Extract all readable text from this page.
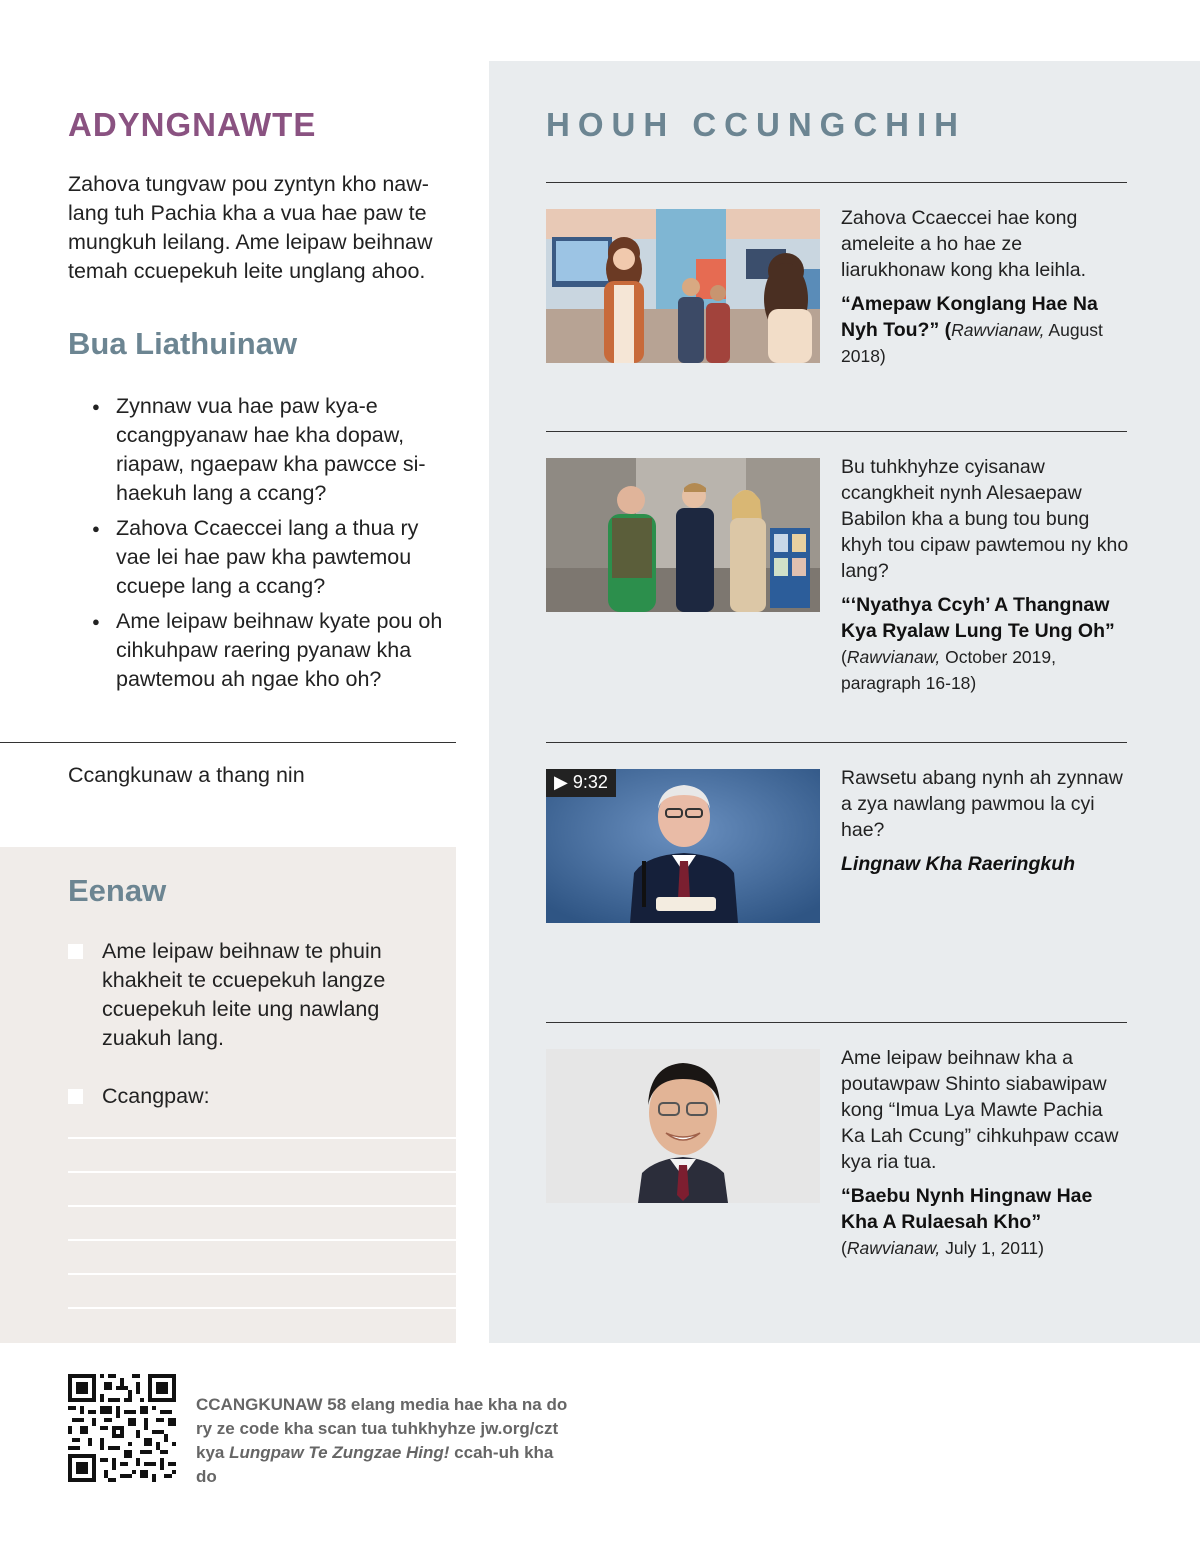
ADYNGNAWTE

Zahova tungvaw pou zyntyn kho naw-lang tuh Pachia kha a vua hae paw te mungkuh leilang. Ame leipaw beihnaw temah ccuepekuh leite unglang ahoo.

Bua Liathuinaw
● Zynnaw vua hae paw kya-e ccangpyanaw hae kha dopaw, riapaw, ngaepaw kha pawcce si-haekuh lang a ccang?
● Zahova Ccaeccei lang a thua ry vae lei hae paw kha pawtemou ccuepe lang a ccang?
● Ame leipaw beihnaw kyate pou oh cihkuhpaw raering pyanaw kha pawtemou ah ngae kho oh?

Ccangkunaw a thang nin

Eenaw
Ame leipaw beihnaw te phuin khakheit te ccuepekuh langze ccuepekuh leite ung nawlang zuakuh lang.
Ccangpaw:
HOUH CCUNGCHIH

Zahova Ccaeccei hae kong ameleite a ho hae ze liarukhonaw kong kha leihla.

“Amepaw Konglang Hae Na Nyh Tou?” (Rawvianaw, August 2018)

Bu tuhkhyhze cyisanaw ccangkheit nynh Alesaepaw Babilon kha a bung tou bung khyh tou cipaw pawtemou ny kho lang?

“‘Nyathya Ccyh’ A Thangnaw Kya Ryalaw Lung Te Ung Oh”

(Rawvianaw, October 2019, paragraph 16-18)

▶ 9:32	Rawsetu abang nynh ah zynnaw a zya nawlang pawmou la cyi hae?

Lingnaw Kha Raeringkuh

Ame leipaw beihnaw kha a poutawpaw Shinto siabawipaw kong “Imua Lya Mawte Pachia Ka Lah Ccung” cihkuhpaw ccaw kya ria tua.

“Baebu Nynh Hingnaw Hae Kha A Rulaesah Kho”

(Rawvianaw, July 1, 2011)

CCANGKUNAW 58 elang media hae kha na do ry ze code kha scan tua tuhkhyhze jw.org/czt kya Lungpaw Te Zungzae Hing! ccah-uh kha do
